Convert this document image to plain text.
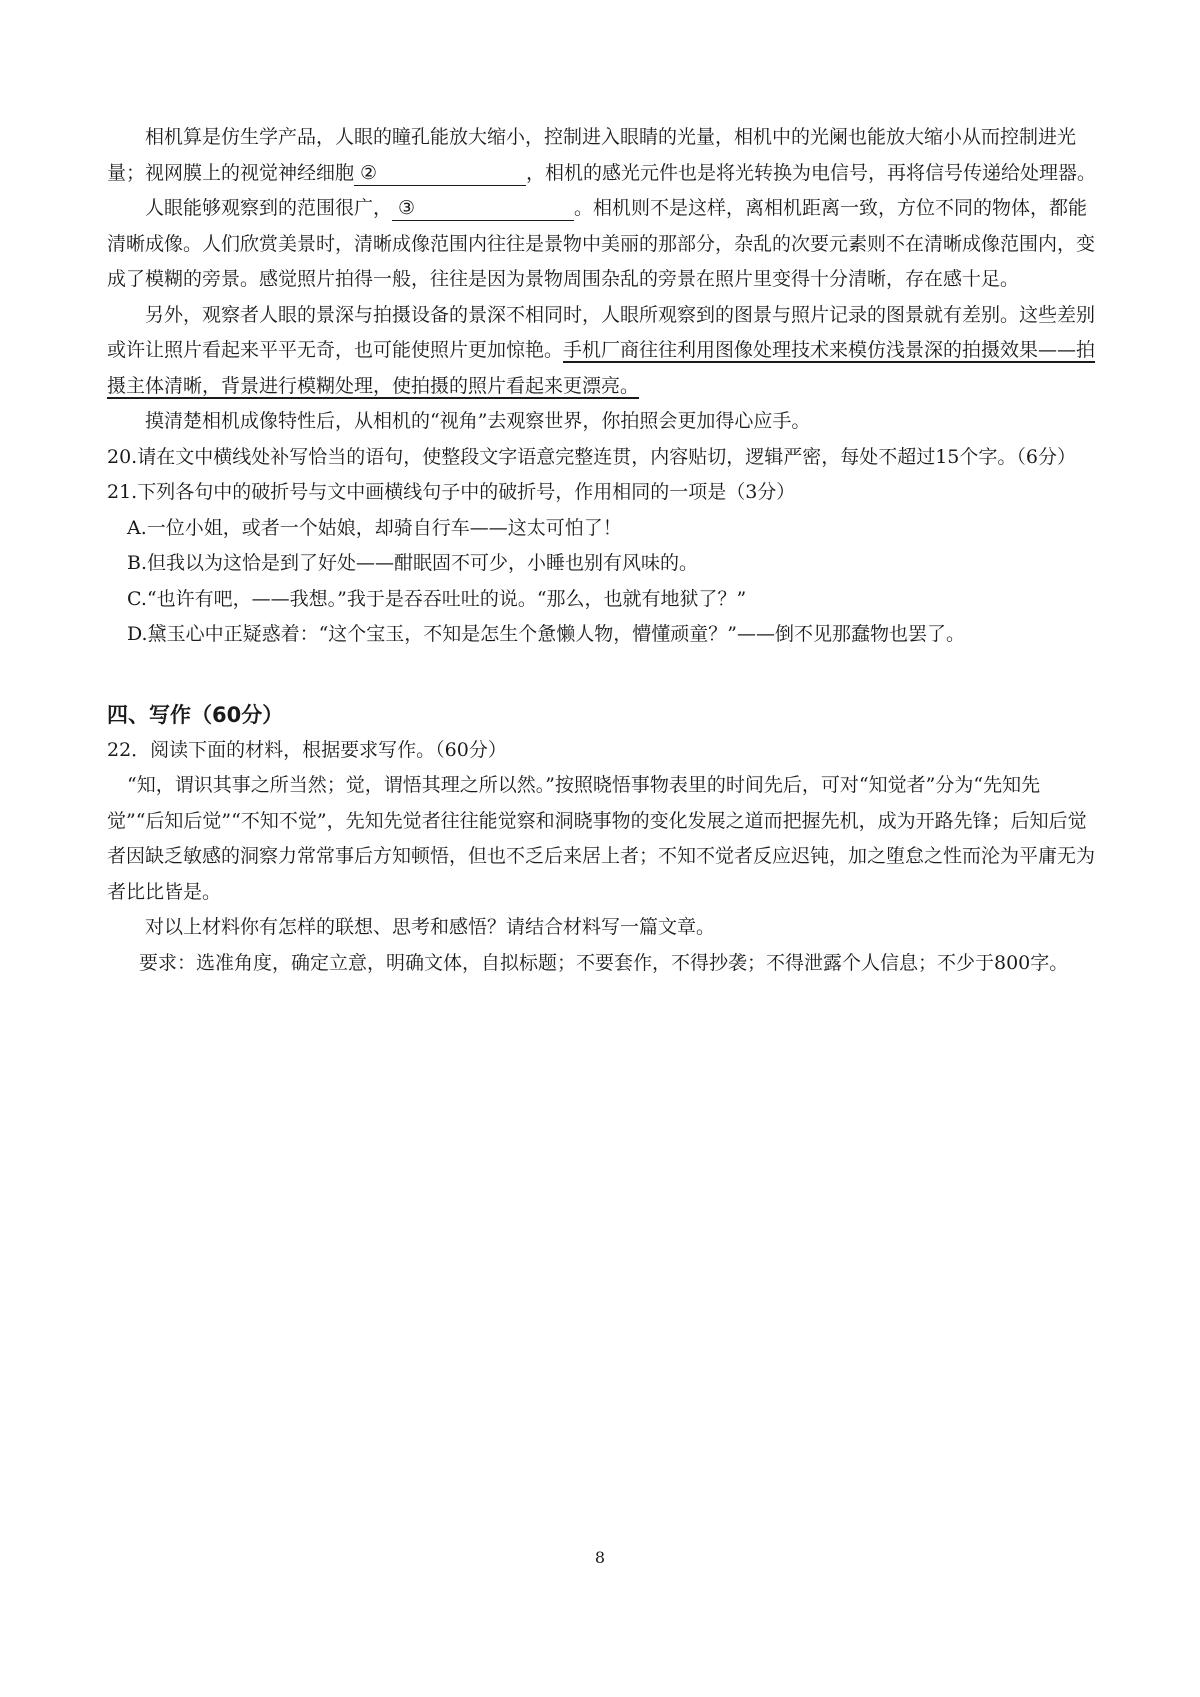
相机算是仿生学产品，人眼的瞳孔能放大缩小，控制进入眼睛的光量，相机中的光阑也能放大缩小从而控制进光量；视网膜上的视觉神经细胞 ②	，相机的感光元件也是将光转换为电信号，再将信号传递给处理器。

人眼能够观察到的范围很广， ③	。相机则不是这样，离相机距离一致，方位不同的物体，都能清晰成像。人们欣赏美景时，清晰成像范围内往往是景物中美丽的那部分，杂乱的次要元素则不在清晰成像范围内，变成了模糊的旁景。感觉照片拍得一般，往往是因为景物周围杂乱的旁景在照片里变得十分清晰，存在感十足。

另外，观察者人眼的景深与拍摄设备的景深不相同时，人眼所观察到的图景与照片记录的图景就有差别。这些差别或许让照片看起来平平无奇，也可能使照片更加惊艳。手机厂商往往利用图像处理技术来模仿浅景深的拍摄效果——拍摄主体清晰，背景进行模糊处理，使拍摄的照片看起来更漂亮。

摸清楚相机成像特性后，从相机的“视角”去观察世界，你拍照会更加得心应手。

20.请在文中横线处补写恰当的语句，使整段文字语意完整连贯，内容贴切，逻辑严密，每处不超过15个字。（6分）

21.下列各句中的破折号与文中画横线句子中的破折号，作用相同的一项是（3分）

A.一位小姐，或者一个姑娘，却骑自行车——这太可怕了！

B.但我以为这恰是到了好处——酣眠固不可少，小睡也别有风味的。

C.“也许有吧，——我想。”我于是吞吞吐吐的说。“那么，也就有地狱了？”

D.黛玉心中正疑惑着：“这个宝玉，不知是怎生个惫懒人物，懵懂顽童？”——倒不见那蠢物也罢了。

四、写作（60分）

22．阅读下面的材料，根据要求写作。（60分）

“知，谓识其事之所当然；觉，谓悟其理之所以然。”按照晓悟事物表里的时间先后，可对“知觉者”分为“先知先觉”“后知后觉”“不知不觉”，先知先觉者往往能觉察和洞晓事物的变化发展之道而把握先机，成为开路先锋；后知后觉者因缺乏敏感的洞察力常常事后方知顿悟，但也不乏后来居上者；不知不觉者反应迟钝，加之堕怠之性而沦为平庸无为者比比皆是。

对以上材料你有怎样的联想、思考和感悟？请结合材料写一篇文章。

要求：选准角度，确定立意，明确文体，自拟标题；不要套作，不得抄袭；不得泄露个人信息；不少于800字。

8
